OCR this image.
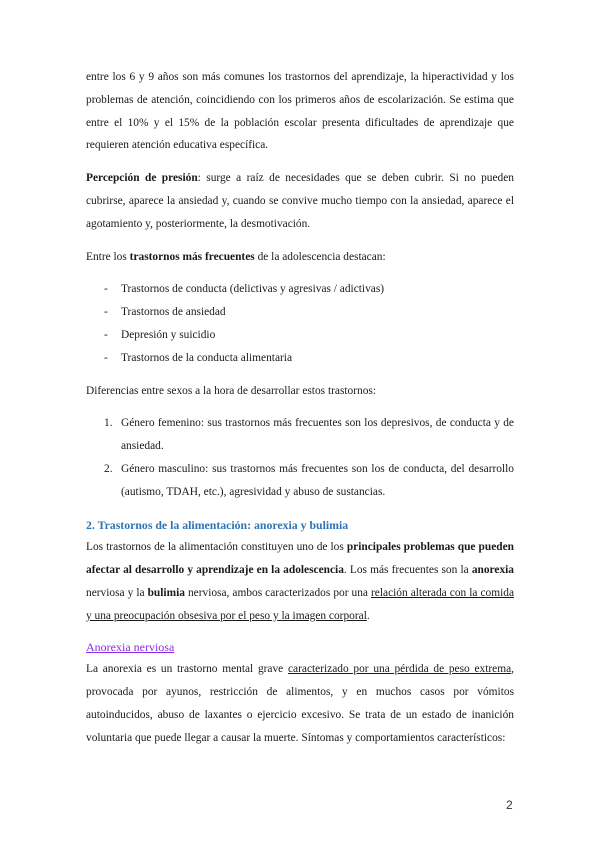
entre los 6 y 9 años son más comunes los trastornos del aprendizaje, la hiperactividad y los problemas de atención, coincidiendo con los primeros años de escolarización. Se estima que entre el 10% y el 15% de la población escolar presenta dificultades de aprendizaje que requieren atención educativa específica.

Percepción de presión: surge a raíz de necesidades que se deben cubrir. Si no pueden cubrirse, aparece la ansiedad y, cuando se convive mucho tiempo con la ansiedad, aparece el agotamiento y, posteriormente, la desmotivación.

Entre los trastornos más frecuentes de la adolescencia destacan:

- Trastornos de conducta (delictivas y agresivas / adictivas)
- Trastornos de ansiedad
- Depresión y suicidio
- Trastornos de la conducta alimentaria

Diferencias entre sexos a la hora de desarrollar estos trastornos:

1. Género femenino: sus trastornos más frecuentes son los depresivos, de conducta y de ansiedad.
2. Género masculino: sus trastornos más frecuentes son los de conducta, del desarrollo (autismo, TDAH, etc.), agresividad y abuso de sustancias.

2. Trastornos de la alimentación: anorexia y bulimia

Los trastornos de la alimentación constituyen uno de los principales problemas que pueden afectar al desarrollo y aprendizaje en la adolescencia. Los más frecuentes son la anorexia nerviosa y la bulimia nerviosa, ambos caracterizados por una relación alterada con la comida y una preocupación obsesiva por el peso y la imagen corporal.

Anorexia nerviosa

La anorexia es un trastorno mental grave caracterizado por una pérdida de peso extrema, provocada por ayunos, restricción de alimentos, y en muchos casos por vómitos autoinducidos, abuso de laxantes o ejercicio excesivo. Se trata de un estado de inanición voluntaria que puede llegar a causar la muerte. Síntomas y comportamientos característicos:

2
